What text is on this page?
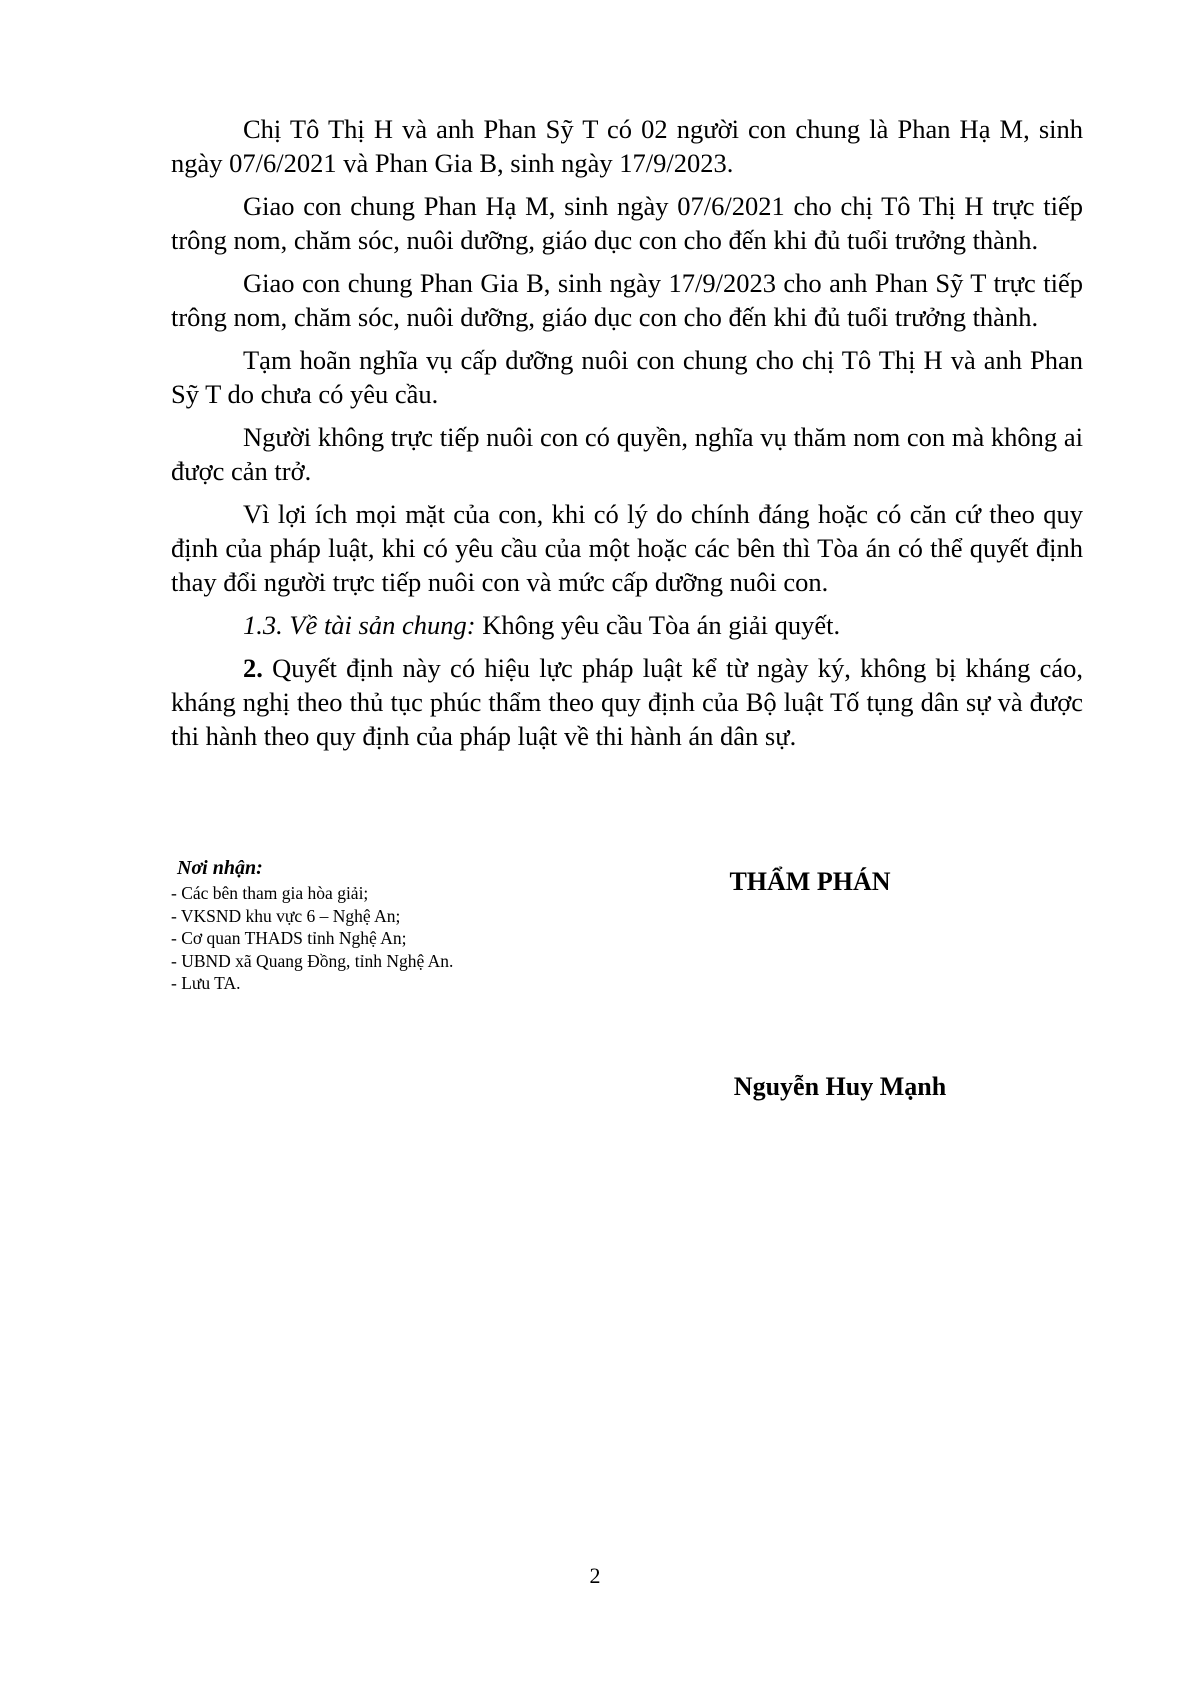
Chị Tô Thị H và anh Phan Sỹ T có 02 người con chung là Phan Hạ M, sinh ngày 07/6/2021 và Phan Gia B, sinh ngày 17/9/2023.

Giao con chung Phan Hạ M, sinh ngày 07/6/2021 cho chị Tô Thị H trực tiếp trông nom, chăm sóc, nuôi dưỡng, giáo dục con cho đến khi đủ tuổi trưởng thành.

Giao con chung Phan Gia B, sinh ngày 17/9/2023 cho anh Phan Sỹ T trực tiếp trông nom, chăm sóc, nuôi dưỡng, giáo dục con cho đến khi đủ tuổi trưởng thành.

Tạm hoãn nghĩa vụ cấp dưỡng nuôi con chung cho chị Tô Thị H và anh Phan Sỹ T do chưa có yêu cầu.

Người không trực tiếp nuôi con có quyền, nghĩa vụ thăm nom con mà không ai được cản trở.

Vì lợi ích mọi mặt của con, khi có lý do chính đáng hoặc có căn cứ theo quy định của pháp luật, khi có yêu cầu của một hoặc các bên thì Tòa án có thể quyết định thay đổi người trực tiếp nuôi con và mức cấp dưỡng nuôi con.

1.3. Về tài sản chung: Không yêu cầu Tòa án giải quyết.

2. Quyết định này có hiệu lực pháp luật kể từ ngày ký, không bị kháng cáo, kháng nghị theo thủ tục phúc thẩm theo quy định của Bộ luật Tố tụng dân sự và được thi hành theo quy định của pháp luật về thi hành án dân sự.

Nơi nhận:
- Các bên tham gia hòa giải;
- VKSND khu vực 6 – Nghệ An;
- Cơ quan THADS tỉnh Nghệ An;
- UBND xã Quang Đồng, tỉnh Nghệ An.
- Lưu TA.
THẨM PHÁN
Nguyễn Huy Mạnh
2
